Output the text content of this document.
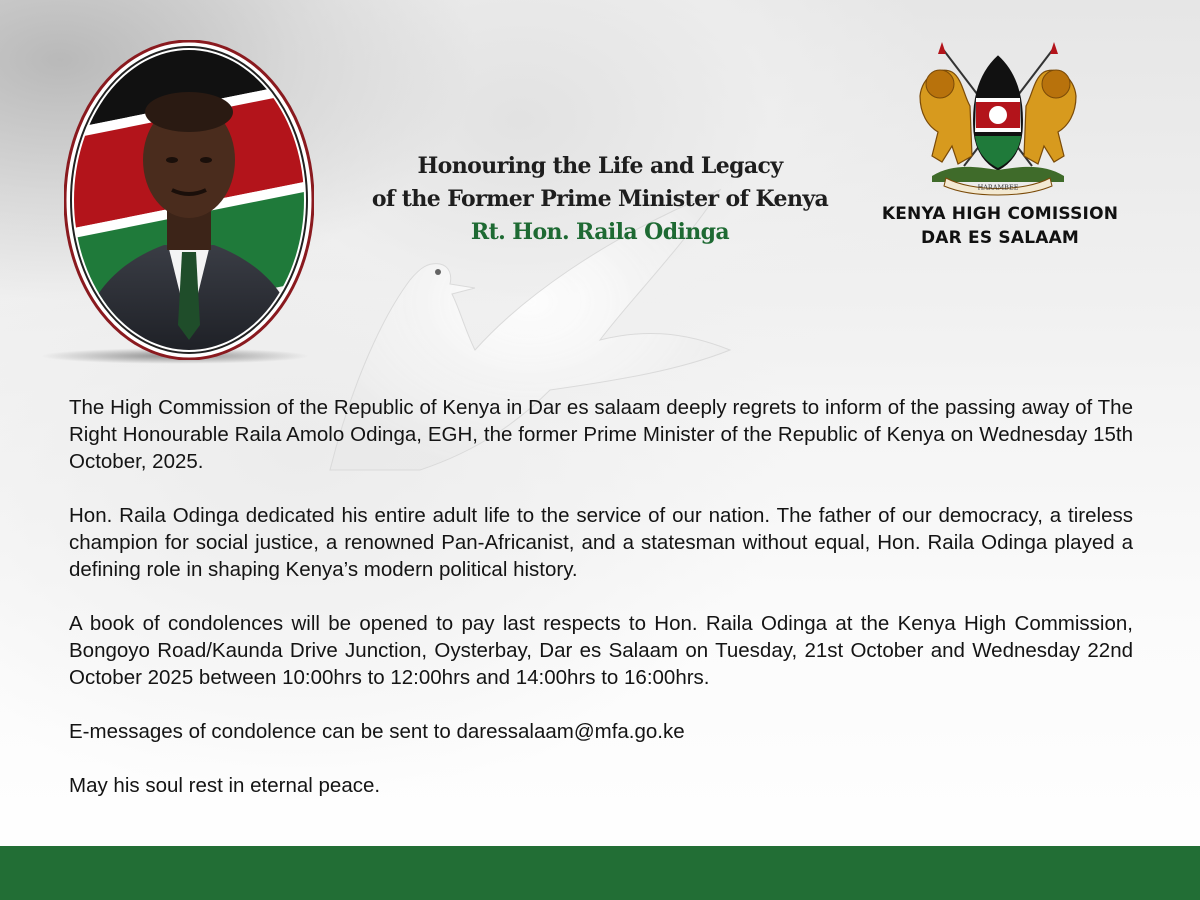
Honouring the Life and Legacy
of the Former Prime Minister of Kenya
Rt. Hon. Raila Odinga
HARAMBEE
KENYA HIGH COMISSION
DAR ES SALAAM

The High Commission of the Republic of Kenya in Dar es salaam deeply regrets to inform of the passing away of The Right Honourable Raila Amolo Odinga, EGH, the former Prime Minister of the Republic of Kenya on Wednesday 15th October, 2025.

Hon. Raila Odinga dedicated his entire adult life to the service of our nation. The father of our democracy, a tireless champion for social justice, a renowned Pan-Africanist, and a statesman without equal, Hon. Raila Odinga played a defining role in shaping Kenya’s modern political history.

A book of condolences will be opened to pay last respects to Hon. Raila Odinga at the Kenya High Commission, Bongoyo Road/Kaunda Drive Junction, Oysterbay, Dar es Salaam on Tuesday, 21st October and Wednesday 22nd October 2025 between 10:00hrs to 12:00hrs and 14:00hrs to 16:00hrs.

E-messages of condolence can be sent to daressalaam@mfa.go.ke

May his soul rest in eternal peace.
